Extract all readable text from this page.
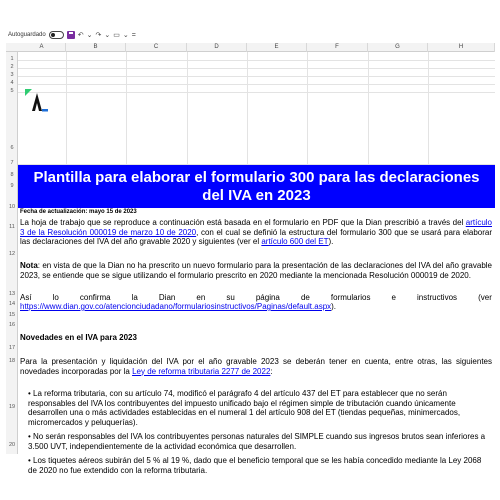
Autoguardado	↶ ⌄ ↷ ⌄ ▭ ⌄ =
A	B	C	D	E	F	G	H
1
2
3
4
5
6
7
8
9
10
11
12
13
14
15
16
17
18
19
20
Plantilla para elaborar el formulario 300 para las declaraciones
del IVA en 2023
Fecha de actualización: mayo 15 de 2023
La hoja de trabajo que se reproduce a continuación está basada en el formulario en PDF que la Dian prescribió a través del artículo 3 de la Resolución 000019 de marzo 10 de 2020, con el cual se definió la estructura del formulario 300 que se usará para elaborar las declaraciones del IVA del año gravable 2020 y siguientes (ver el artículo 600 del ET).
Nota: en vista de que la Dian no ha prescrito un nuevo formulario para la presentación de las declaraciones del IVA del año gravable 2023, se entiende que se sigue utilizando el formulario prescrito en 2020 mediante la mencionada Resolución 000019 de 2020.
Así	lo	confirma	la	Dian	en	su	página	de	formularios	e	instructivos	(ver
https://www.dian.gov.co/atencionciudadano/formulariosinstructivos/Paginas/default.aspx).
Novedades en el IVA para 2023
Para la presentación y liquidación del IVA por el año gravable 2023 se deberán tener en cuenta, entre otras, las siguientes novedades incorporadas por la Ley de reforma tributaria 2277 de 2022:
• La reforma tributaria, con su artículo 74, modificó el parágrafo 4 del artículo 437 del ET para establecer que no serán responsables del IVA los contribuyentes del impuesto unificado bajo el régimen simple de tributación cuando únicamente desarrollen una o más actividades establecidas en el numeral 1 del artículo 908 del ET (tiendas pequeñas, minimercados, micromercados y peluquerías).
• No serán responsables del IVA los contribuyentes personas naturales del SIMPLE cuando sus ingresos brutos sean inferiores a 3.500 UVT, independientemente de la actividad económica que desarrollen.
• Los tiquetes aéreos subirán del 5 % al 19 %, dado que el beneficio temporal que se les había concedido mediante la Ley 2068 de 2020 no fue extendido con la reforma tributaria.
